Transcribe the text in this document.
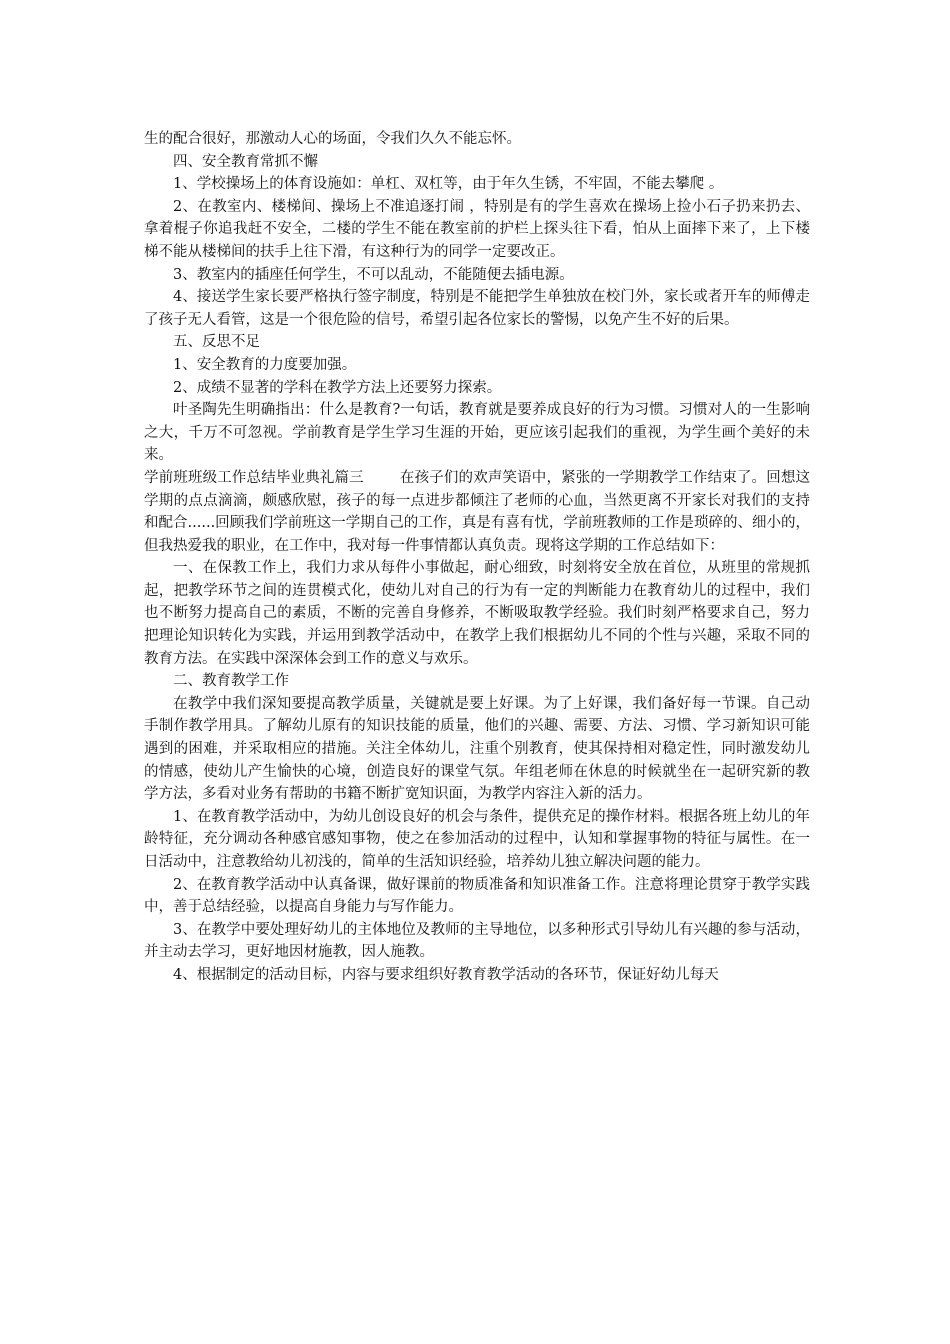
生的配合很好，那激动人心的场面，令我们久久不能忘怀。

四、安全教育常抓不懈

1、学校操场上的体育设施如：单杠、双杠等，由于年久生锈，不牢固，不能去攀爬 。

2、在教室内、楼梯间、操场上不准追逐打闹 ，特别是有的学生喜欢在操场上捡小石子扔来扔去、拿着棍子你追我赶不安全，二楼的学生不能在教室前的护栏上探头往下看，怕从上面摔下来了，上下楼梯不能从楼梯间的扶手上往下滑，有这种行为的同学一定要改正。

3、教室内的插座任何学生，不可以乱动，不能随便去插电源。

4、接送学生家长要严格执行签字制度，特别是不能把学生单独放在校门外，家长或者开车的师傅走了孩子无人看管，这是一个很危险的信号，希望引起各位家长的警惕，以免产生不好的后果。

五、反思不足

1、安全教育的力度要加强。

2、成绩不显著的学科在教学方法上还要努力探索。

叶圣陶先生明确指出：什么是教育?一句话，教育就是要养成良好的行为习惯。习惯对人的一生影响之大，千万不可忽视。学前教育是学生学习生涯的开始，更应该引起我们的重视，为学生画个美好的未来。

学前班班级工作总结毕业典礼篇三 在孩子们的欢声笑语中，紧张的一学期教学工作结束了。回想这学期的点点滴滴，颇感欣慰，孩子的每一点进步都倾注了老师的心血，当然更离不开家长对我们的支持和配合......回顾我们学前班这一学期自己的工作，真是有喜有忧，学前班教师的工作是琐碎的、细小的，但我热爱我的职业，在工作中，我对每一件事情都认真负责。现将这学期的工作总结如下：

一、在保教工作上，我们力求从每件小事做起，耐心细致，时刻将安全放在首位，从班里的常规抓起，把教学环节之间的连贯模式化，使幼儿对自己的行为有一定的判断能力在教育幼儿的过程中，我们也不断努力提高自己的素质，不断的完善自身修养，不断吸取教学经验。我们时刻严格要求自己，努力把理论知识转化为实践，并运用到教学活动中，在教学上我们根据幼儿不同的个性与兴趣，采取不同的教育方法。在实践中深深体会到工作的意义与欢乐。

二、教育教学工作

在教学中我们深知要提高教学质量，关键就是要上好课。为了上好课，我们备好每一节课。自己动手制作教学用具。了解幼儿原有的知识技能的质量，他们的兴趣、需要、方法、习惯、学习新知识可能遇到的困难，并采取相应的措施。关注全体幼儿，注重个别教育，使其保持相对稳定性，同时激发幼儿的情感，使幼儿产生愉快的心境，创造良好的课堂气氛。年组老师在休息的时候就坐在一起研究新的教学方法，多看对业务有帮助的书籍不断扩宽知识面，为教学内容注入新的活力。

1、在教育教学活动中，为幼儿创设良好的机会与条件，提供充足的操作材料。根据各班上幼儿的年龄特征，充分调动各种感官感知事物，使之在参加活动的过程中，认知和掌握事物的特征与属性。在一日活动中，注意教给幼儿初浅的，简单的生活知识经验，培养幼儿独立解决问题的能力。

2、在教育教学活动中认真备课，做好课前的物质准备和知识准备工作。注意将理论贯穿于教学实践中，善于总结经验，以提高自身能力与写作能力。

3、在教学中要处理好幼儿的主体地位及教师的主导地位，以多种形式引导幼儿有兴趣的参与活动，并主动去学习，更好地因材施教，因人施教。

4、根据制定的活动目标，内容与要求组织好教育教学活动的各环节，保证好幼儿每天
